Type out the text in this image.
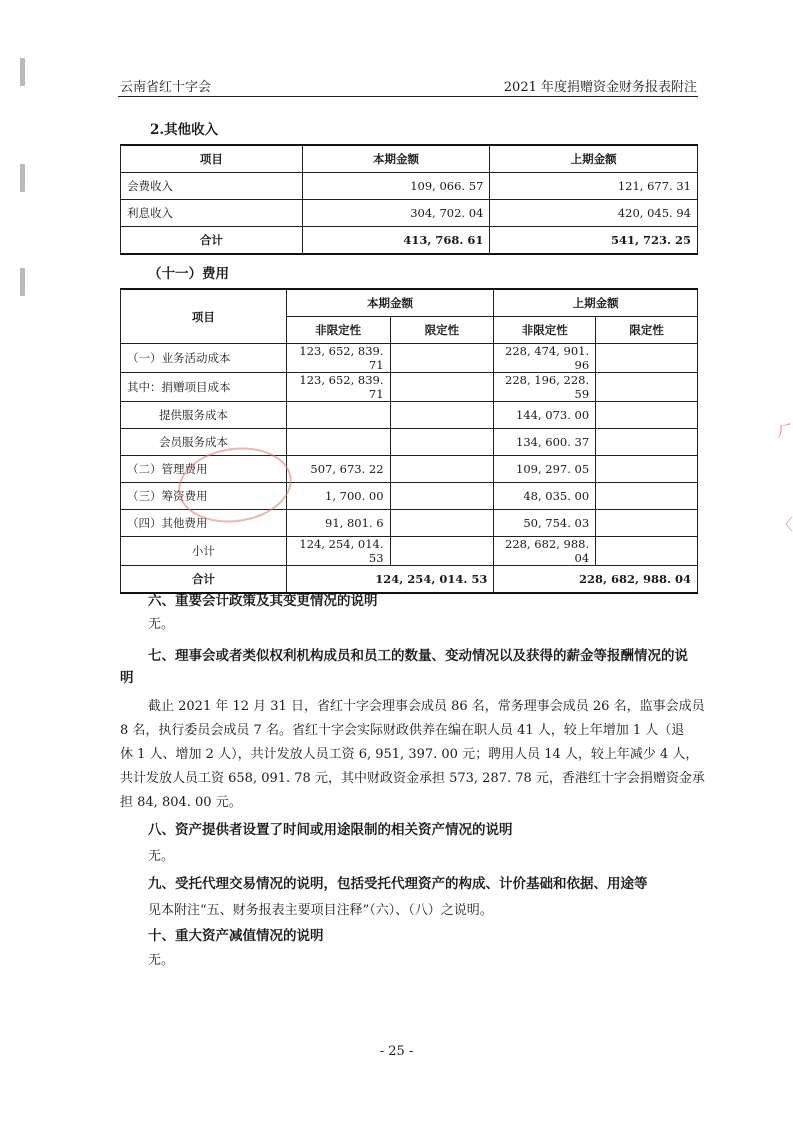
云南省红十字会	2021 年度捐赠资金财务报表附注
2.其他收入
项目	本期金额	上期金额
会费收入	109, 066. 57	121, 677. 31
利息收入	304, 702. 04	420, 045. 94
合计	413, 768. 61	541, 723. 25
（十一）费用
项目	本期金额		上期金额	
	非限定性	限定性	非限定性	限定性
（一）业务活动成本	123, 652, 839. 71		228, 474, 901. 96	
其中：捐赠项目成本	123, 652, 839. 71		228, 196, 228. 59	
提供服务成本			144, 073. 00	
会员服务成本			134, 600. 37	
（二）管理费用	507, 673. 22		109, 297. 05	
（三）筹资费用	1, 700. 00		48, 035. 00	
（四）其他费用	91, 801. 6		50, 754. 03	
小计	124, 254, 014. 53		228, 682, 988. 04	
合计	124, 254, 014. 53		228, 682, 988. 04	
⺁
〈
六、重要会计政策及其变更情况的说明
无。
七、理事会或者类似权利机构成员和员工的数量、变动情况以及获得的薪金等报酬情况的说
明
截止 2021 年 12 月 31 日，省红十字会理事会成员 86 名，常务理事会成员 26 名，监事会成员
8 名，执行委员会成员 7 名。省红十字会实际财政供养在编在职人员 41 人，较上年增加 1 人（退
休 1 人、增加 2 人），共计发放人员工资 6, 951, 397. 00 元；聘用人员 14 人，较上年减少 4 人，
共计发放人员工资 658, 091. 78 元，其中财政资金承担 573, 287. 78 元，香港红十字会捐赠资金承
担 84, 804. 00 元。
八、资产提供者设置了时间或用途限制的相关资产情况的说明
无。
九、受托代理交易情况的说明，包括受托代理资产的构成、计价基础和依据、用途等
见本附注“五、财务报表主要项目注释”（六）、（八）之说明。
十、重大资产减值情况的说明
无。
- 25 -
